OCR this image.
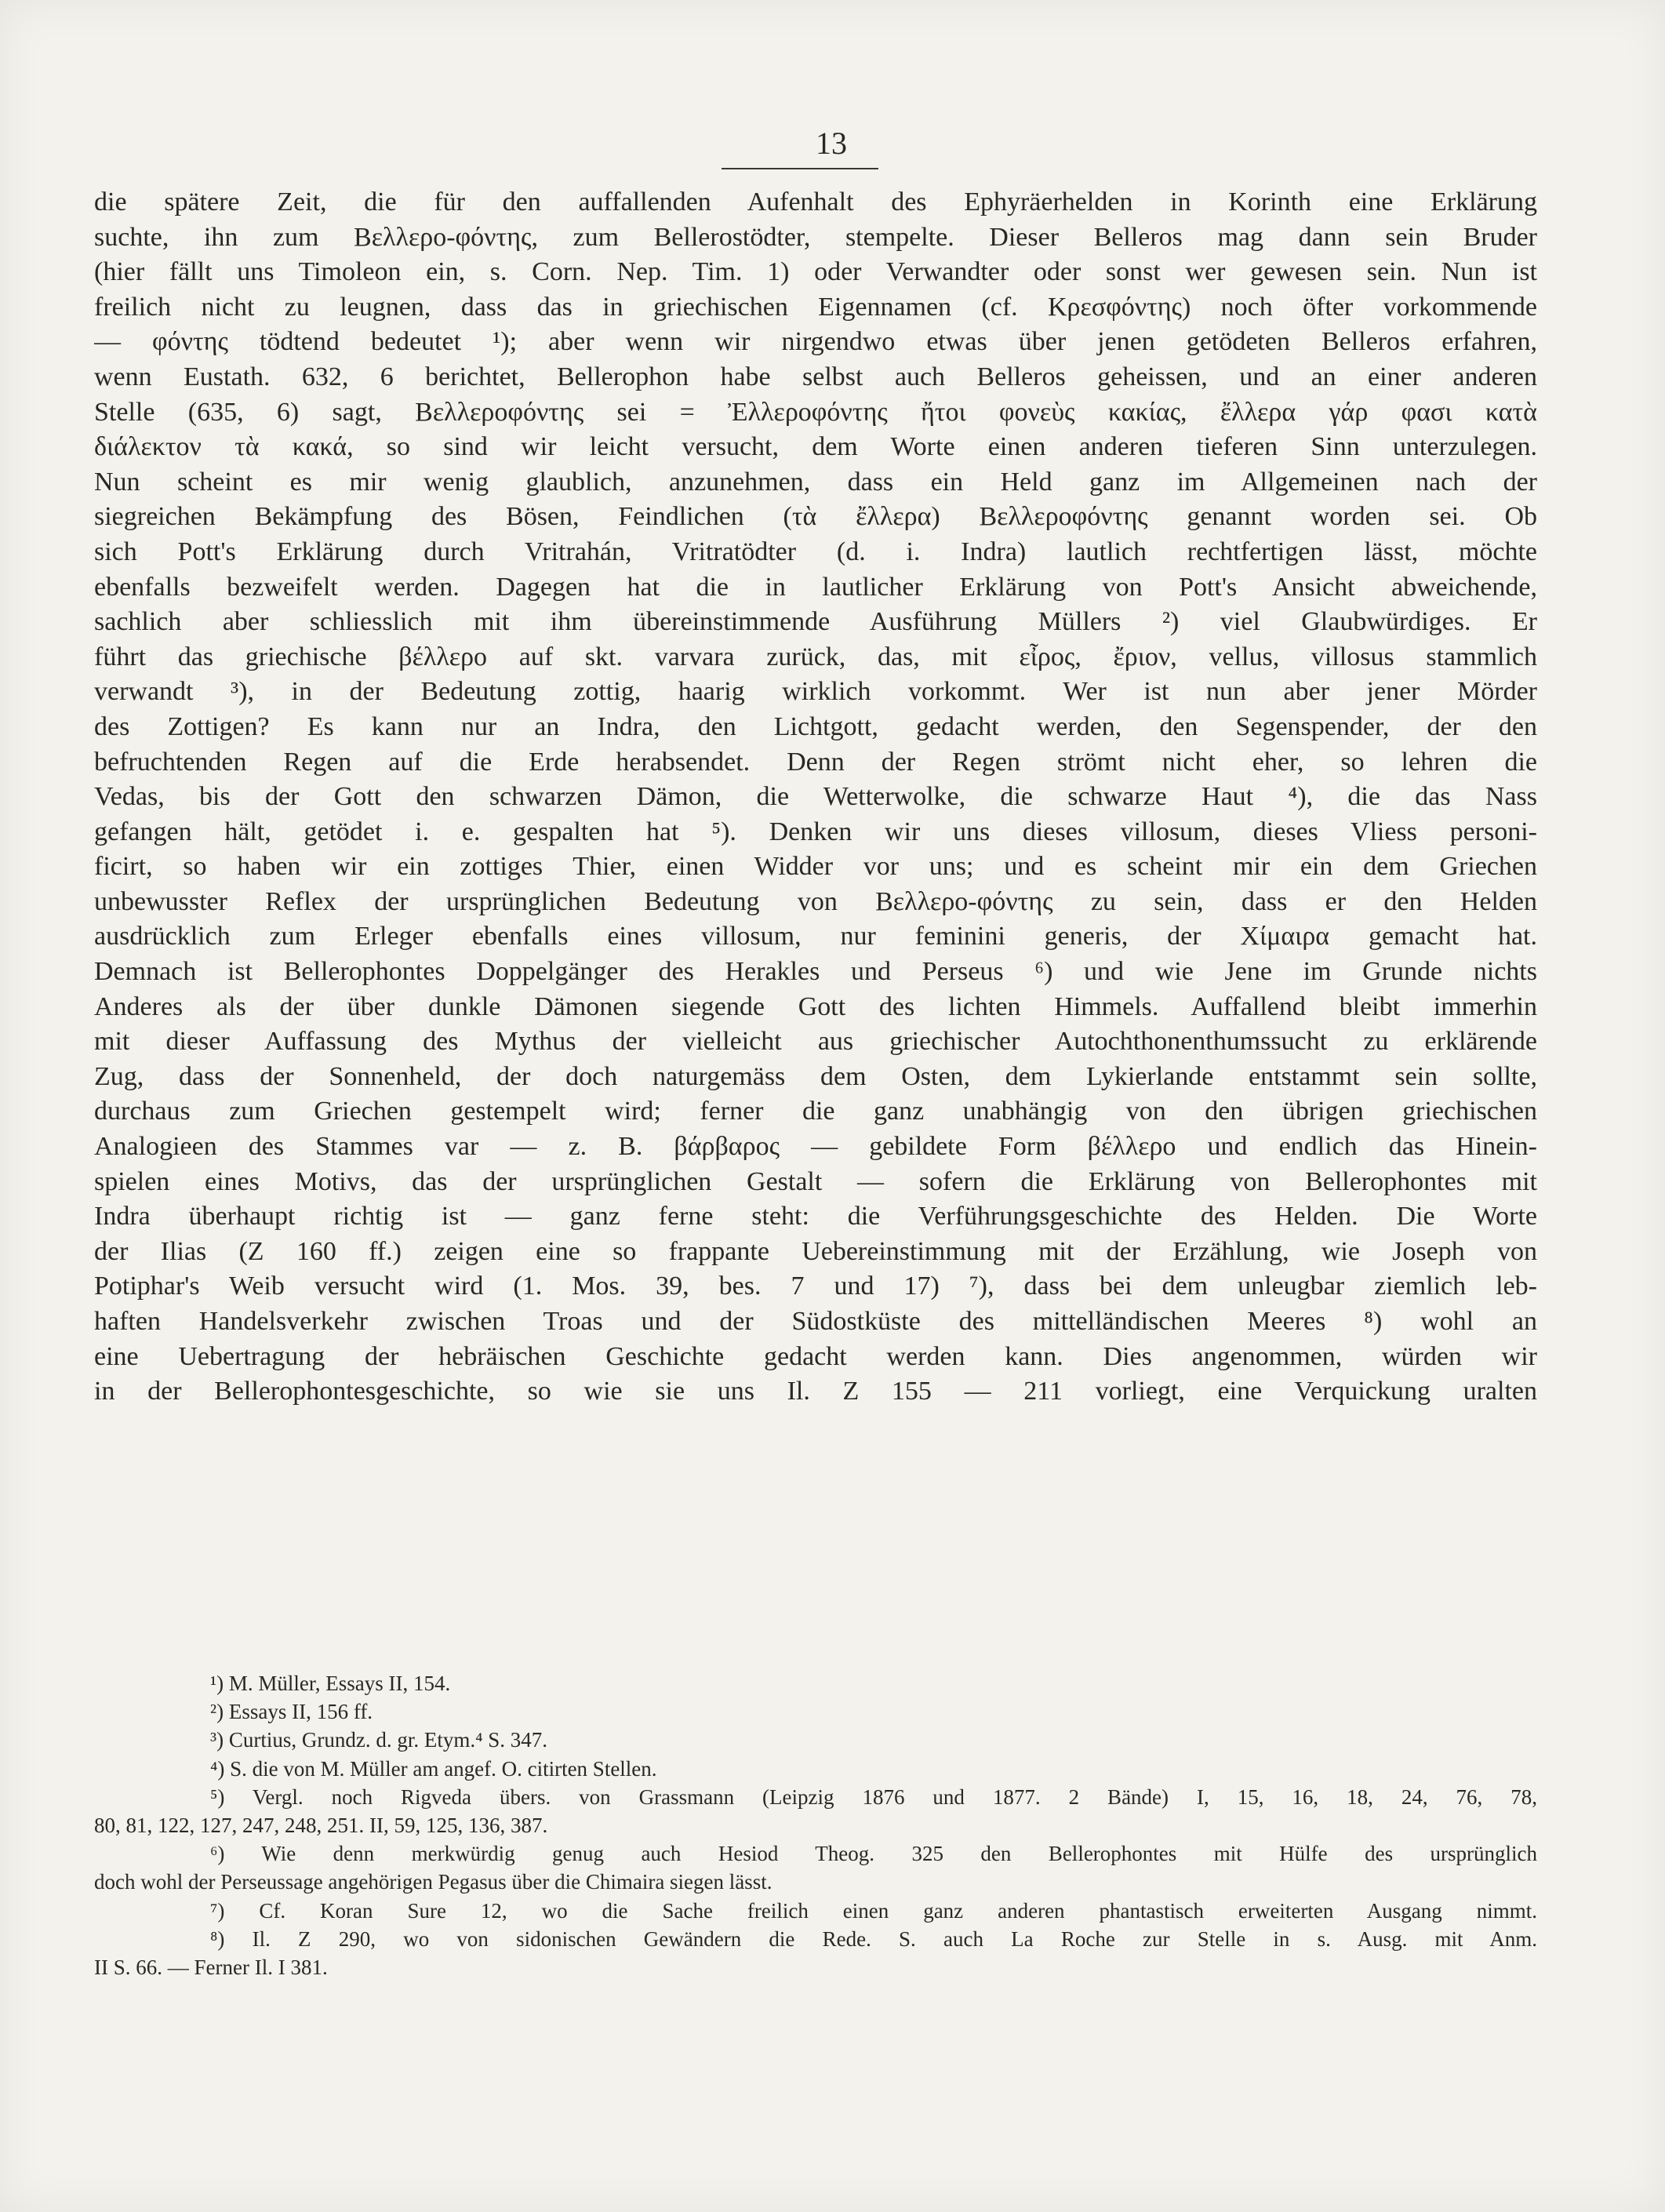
13
die spätere Zeit, die für den auffallenden Aufenhalt des Ephyräerhelden in Korinth eine Erklärung
suchte, ihn zum Βελλερο-φόντης, zum Bellerostödter, stempelte. Dieser Belleros mag dann sein Bruder
(hier fällt uns Timoleon ein, s. Corn. Nep. Tim. 1) oder Verwandter oder sonst wer gewesen sein. Nun ist
freilich nicht zu leugnen, dass das in griechischen Eigennamen (cf. Κρεσφόντης) noch öfter vorkommende
— φόντης tödtend bedeutet ¹); aber wenn wir nirgendwo etwas über jenen getödeten Belleros erfahren,
wenn Eustath. 632, 6 berichtet, Bellerophon habe selbst auch Belleros geheissen, und an einer anderen
Stelle (635, 6) sagt, Βελλεροφόντης sei = Ἐλλεροφόντης ἤτοι φονεὺς κακίας, ἔλλερα γάρ φασι κατὰ
διάλεκτον τὰ κακά, so sind wir leicht versucht, dem Worte einen anderen tieferen Sinn unterzulegen.
Nun scheint es mir wenig glaublich, anzunehmen, dass ein Held ganz im Allgemeinen nach der
siegreichen Bekämpfung des Bösen, Feindlichen (τὰ ἔλλερα) Βελλεροφόντης genannt worden sei. Ob
sich Pott's Erklärung durch Vritrahán, Vritratödter (d. i. Indra) lautlich rechtfertigen lässt, möchte
ebenfalls bezweifelt werden. Dagegen hat die in lautlicher Erklärung von Pott's Ansicht abweichende,
sachlich aber schliesslich mit ihm übereinstimmende Ausführung Müllers ²) viel Glaubwürdiges. Er
führt das griechische βέλλερο auf skt. varvara zurück, das, mit εἶρος, ἔριον, vellus, villosus stammlich
verwandt ³), in der Bedeutung zottig, haarig wirklich vorkommt. Wer ist nun aber jener Mörder
des Zottigen? Es kann nur an Indra, den Lichtgott, gedacht werden, den Segenspender, der den
befruchtenden Regen auf die Erde herabsendet. Denn der Regen strömt nicht eher, so lehren die
Vedas, bis der Gott den schwarzen Dämon, die Wetterwolke, die schwarze Haut ⁴), die das Nass
gefangen hält, getödet i. e. gespalten hat ⁵). Denken wir uns dieses villosum, dieses Vliess personi-
ficirt, so haben wir ein zottiges Thier, einen Widder vor uns; und es scheint mir ein dem Griechen
unbewusster Reflex der ursprünglichen Bedeutung von Βελλερο-φόντης zu sein, dass er den Helden
ausdrücklich zum Erleger ebenfalls eines villosum, nur feminini generis, der Χίμαιρα gemacht hat.
Demnach ist Bellerophontes Doppelgänger des Herakles und Perseus ⁶) und wie Jene im Grunde nichts
Anderes als der über dunkle Dämonen siegende Gott des lichten Himmels. Auffallend bleibt immerhin
mit dieser Auffassung des Mythus der vielleicht aus griechischer Autochthonenthumssucht zu erklärende
Zug, dass der Sonnenheld, der doch naturgemäss dem Osten, dem Lykierlande entstammt sein sollte,
durchaus zum Griechen gestempelt wird; ferner die ganz unabhängig von den übrigen griechischen
Analogieen des Stammes var — z. B. βάρβαρος — gebildete Form βέλλερο und endlich das Hinein-
spielen eines Motivs, das der ursprünglichen Gestalt — sofern die Erklärung von Bellerophontes mit
Indra überhaupt richtig ist — ganz ferne steht: die Verführungsgeschichte des Helden. Die Worte
der Ilias (Z 160 ff.) zeigen eine so frappante Uebereinstimmung mit der Erzählung, wie Joseph von
Potiphar's Weib versucht wird (1. Mos. 39, bes. 7 und 17) ⁷), dass bei dem unleugbar ziemlich leb-
haften Handelsverkehr zwischen Troas und der Südostküste des mittelländischen Meeres ⁸) wohl an
eine Uebertragung der hebräischen Geschichte gedacht werden kann. Dies angenommen, würden wir
in der Bellerophontesgeschichte, so wie sie uns Il. Z 155 — 211 vorliegt, eine Verquickung uralten
¹) M. Müller, Essays II, 154.
²) Essays II, 156 ff.
³) Curtius, Grundz. d. gr. Etym.⁴ S. 347.
⁴) S. die von M. Müller am angef. O. citirten Stellen.
⁵) Vergl. noch Rigveda übers. von Grassmann (Leipzig 1876 und 1877. 2 Bände) I, 15, 16, 18, 24, 76, 78,
80, 81, 122, 127, 247, 248, 251. II, 59, 125, 136, 387.
⁶) Wie denn merkwürdig genug auch Hesiod Theog. 325 den Bellerophontes mit Hülfe des ursprünglich
doch wohl der Perseussage angehörigen Pegasus über die Chimaira siegen lässt.
⁷) Cf. Koran Sure 12, wo die Sache freilich einen ganz anderen phantastisch erweiterten Ausgang nimmt.
⁸) Il. Z 290, wo von sidonischen Gewändern die Rede. S. auch La Roche zur Stelle in s. Ausg. mit Anm.
II S. 66. — Ferner Il. I 381.
